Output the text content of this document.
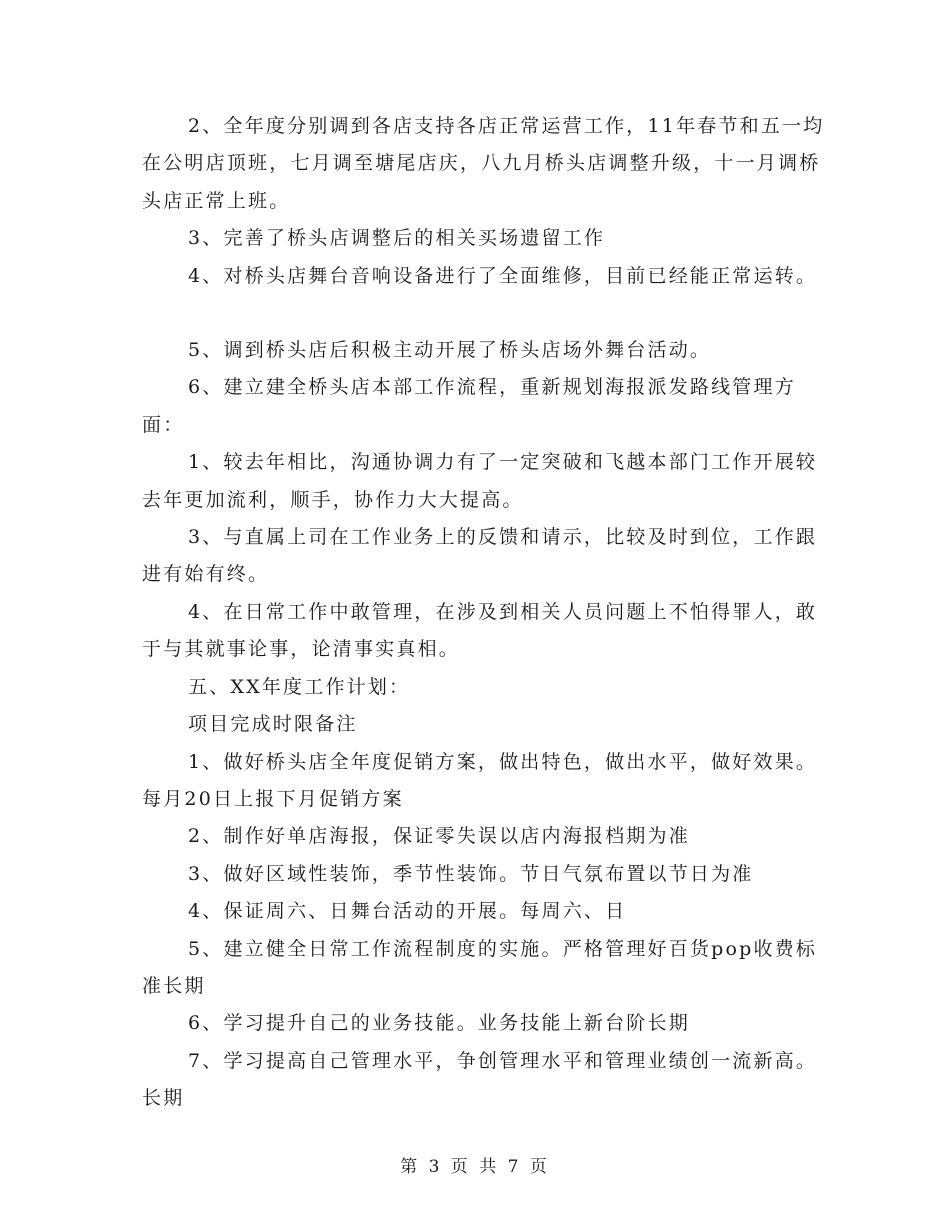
2、全年度分别调到各店支持各店正常运营工作，11年春节和五一均在公明店顶班，七月调至塘尾店庆，八九月桥头店调整升级，十一月调桥头店正常上班。

3、完善了桥头店调整后的相关买场遗留工作

4、对桥头店舞台音响设备进行了全面维修，目前已经能正常运转。

5、调到桥头店后积极主动开展了桥头店场外舞台活动。

6、建立建全桥头店本部工作流程，重新规划海报派发路线管理方面：

1、较去年相比，沟通协调力有了一定突破和飞越本部门工作开展较去年更加流利，顺手，协作力大大提高。

3、与直属上司在工作业务上的反馈和请示，比较及时到位，工作跟进有始有终。

4、在日常工作中敢管理，在涉及到相关人员问题上不怕得罪人，敢于与其就事论事，论清事实真相。

五、XX年度工作计划：

项目完成时限备注

1、做好桥头店全年度促销方案，做出特色，做出水平，做好效果。每月20日上报下月促销方案

2、制作好单店海报，保证零失误以店内海报档期为准

3、做好区域性装饰，季节性装饰。节日气氛布置以节日为准

4、保证周六、日舞台活动的开展。每周六、日

5、建立健全日常工作流程制度的实施。严格管理好百货pop收费标准长期

6、学习提升自己的业务技能。业务技能上新台阶长期

7、学习提高自己管理水平，争创管理水平和管理业绩创一流新高。长期

第 3 页 共 7 页
